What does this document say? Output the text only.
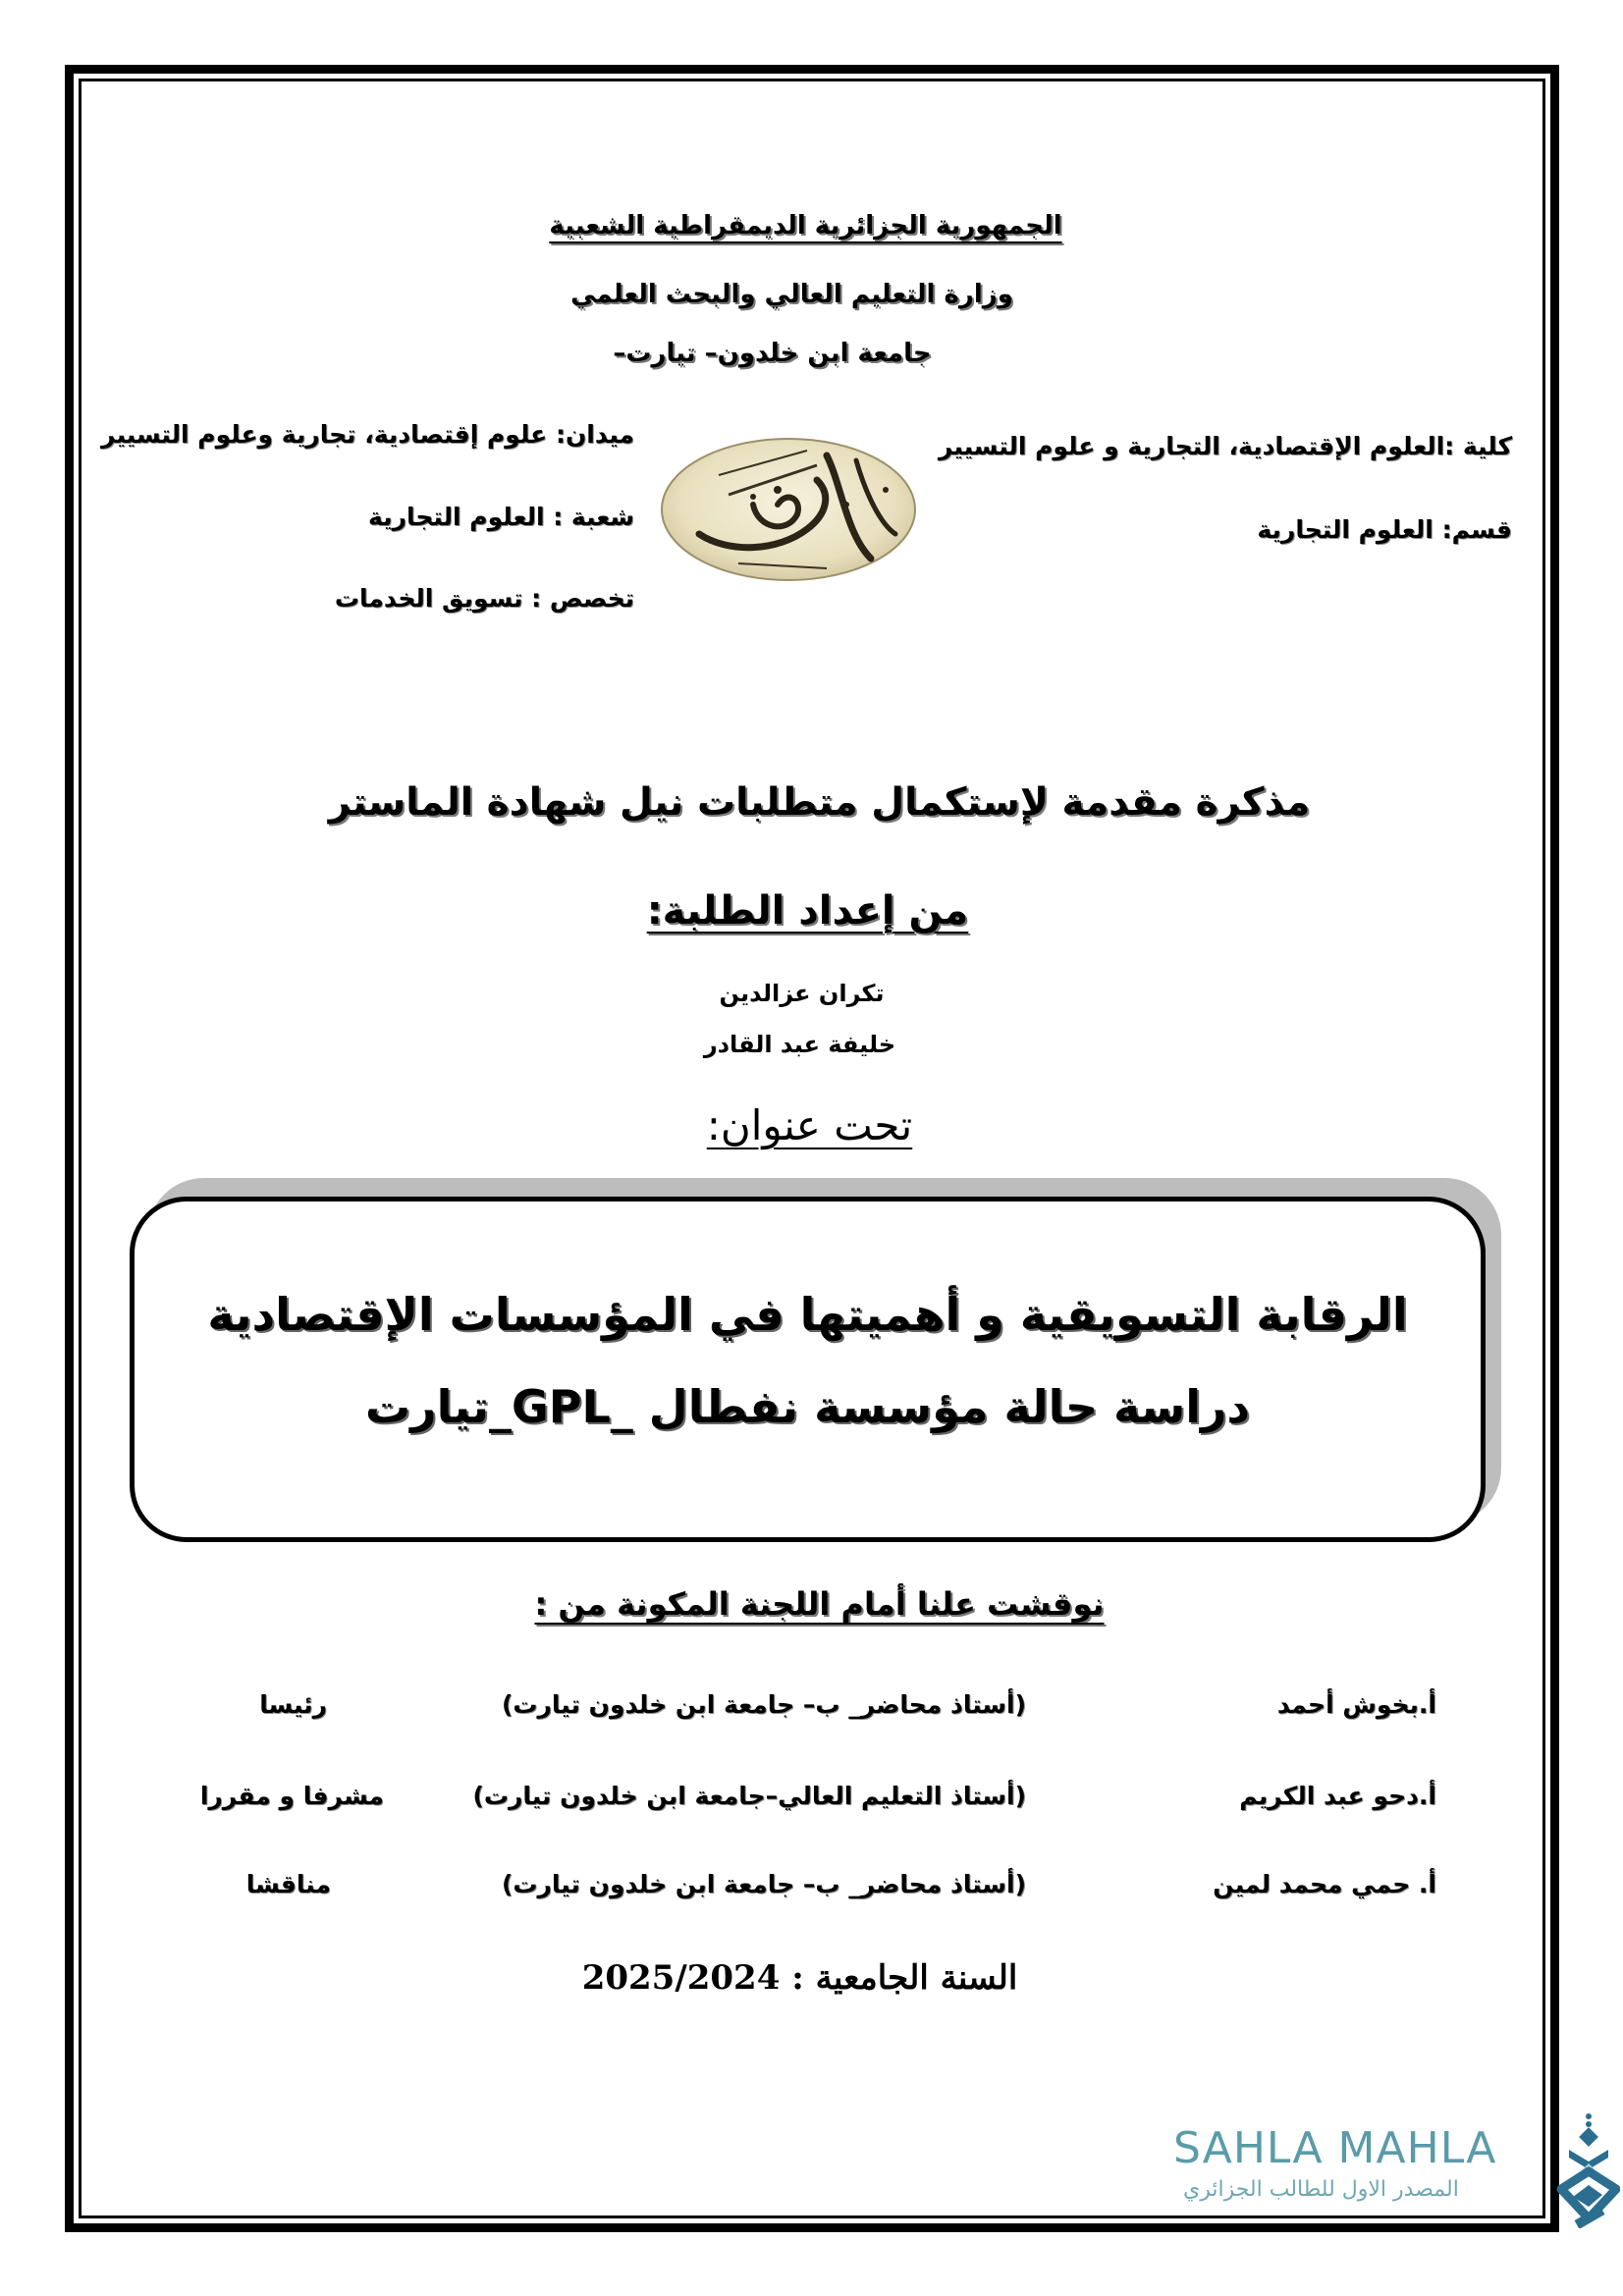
الجمهورية الجزائرية الديمقراطية الشعبية
وزارة التعليم العالي والبحث العلمي
جامعة ابن خلدون– تيارت–
كلية :العلوم الإقتصادية، التجارية و علوم التسيير
قسم: العلوم التجارية
ميدان: علوم إقتصادية، تجارية وعلوم التسيير
شعبة : العلوم التجارية
تخصص : تسويق الخدمات
مذكرة مقدمة لإستكمال متطلبات نيل شهادة الماستر
من إعداد الطلبة:
تكران عزالدين
خليفة عبد القادر
تحت عنوان:
الرقابة التسويقية و أهميتها في المؤسسات الإقتصادية
دراسة حالة مؤسسة نفطال _GPL_تيارت
نوقشت علنا أمام اللجنة المكونة من :
أ.بخوش أحمد
(أستاذ محاضر_ ب– جامعة ابن خلدون تيارت)
رئيسا
أ.دحو عبد الكريم
(أستاذ التعليم العالي–جامعة ابن خلدون تيارت)
مشرفا و مقررا
أ. حمي محمد لمين
(أستاذ محاضر_ ب– جامعة ابن خلدون تيارت)
مناقشا
السنة الجامعية : 2025/2024
SAHLA MAHLA
المصدر الاول للطالب الجزائري
